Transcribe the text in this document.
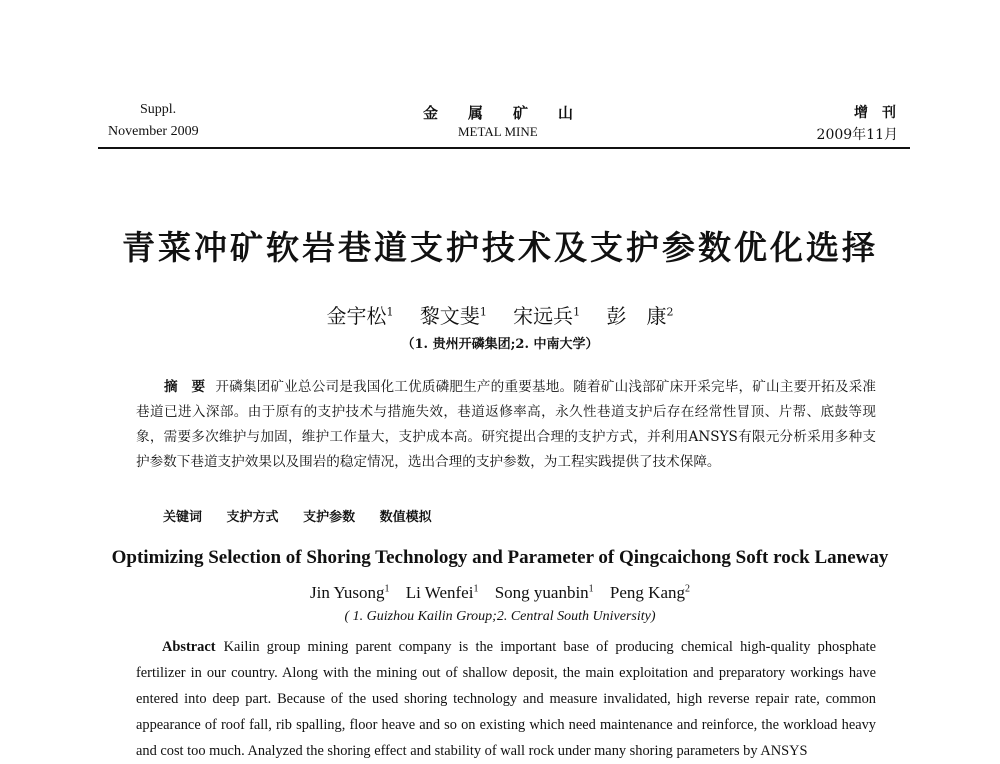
Suppl.
November 2009
金属矿山
METAL MINE
增刊
2009年11月
青菜冲矿软岩巷道支护技术及支护参数优化选择
金宇松$^1$ 黎文斐$^1$ 宋远兵$^1$ 彭　康$^2$
（1. 贵州开磷集团;2. 中南大学）
摘　要 开磷集团矿业总公司是我国化工优质磷肥生产的重要基地。随着矿山浅部矿床开采完毕，矿山主要开拓及采准巷道已进入深部。由于原有的支护技术与措施失效，巷道返修率高，永久性巷道支护后存在经常性冒顶、片帮、底鼓等现象，需要多次维护与加固，维护工作量大，支护成本高。研究提出合理的支护方式，并利用ANSYS有限元分析采用多种支护参数下巷道支护效果以及围岩的稳定情况，选出合理的支护参数，为工程实践提供了技术保障。
关键词 支护方式 支护参数 数值模拟
Optimizing Selection of Shoring Technology and Parameter of Qingcaichong Soft rock Laneway
Jin Yusong$^1$ Li Wenfei$^1$ Song yuanbin$^1$ Peng Kang$^2$
( 1. Guizhou Kailin Group;2. Central South University)
Abstract Kailin group mining parent company is the important base of producing chemical high-quality phosphate fertilizer in our country. Along with the mining out of shallow deposit, the main exploitation and preparatory workings have entered into deep part. Because of the used shoring technology and measure invalidated, high reverse repair rate, common appearance of roof fall, rib spalling, floor heave and so on existing which need maintenance and reinforce, the workload heavy and cost too much. Analyzed the shoring effect and stability of wall rock under many shoring parameters by ANSYS
